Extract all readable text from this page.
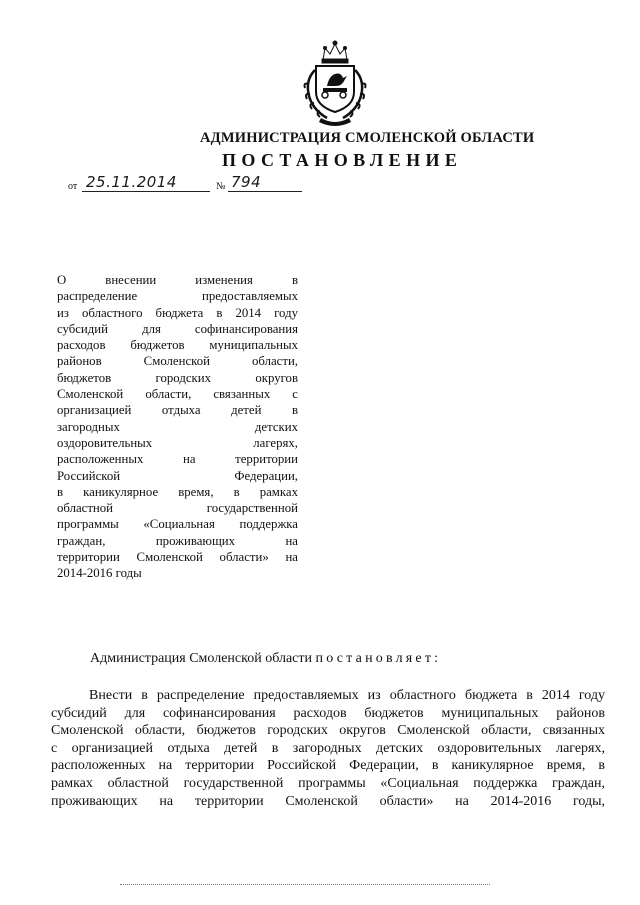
АДМИНИСТРАЦИЯ СМОЛЕНСКОЙ ОБЛАСТИ
ПОСТАНОВЛЕНИЕ
от 25.11.2014	№ 794
О внесении изменения в
распределение предоставляемых
из областного бюджета в 2014 году
субсидий для софинансирования
расходов бюджетов муниципальных
районов Смоленской области,
бюджетов городских округов
Смоленской области, связанных с
организацией отдыха детей в
загородных детских
оздоровительных лагерях,
расположенных на территории
Российской Федерации,
в каникулярное время, в рамках
областной государственной
программы «Социальная поддержка
граждан, проживающих на
территории Смоленской области» на
2014-2016 годы
Администрация Смоленской области постановляет:
Внести в распределение предоставляемых из областного бюджета в 2014 году
субсидий для софинансирования расходов бюджетов муниципальных районов
Смоленской области, бюджетов городских округов Смоленской области, связанных
с организацией отдыха детей в загородных детских оздоровительных лагерях,
расположенных на территории Российской Федерации, в каникулярное время, в
рамках областной государственной программы «Социальная поддержка граждан,
проживающих на территории Смоленской области» на 2014-2016 годы,
